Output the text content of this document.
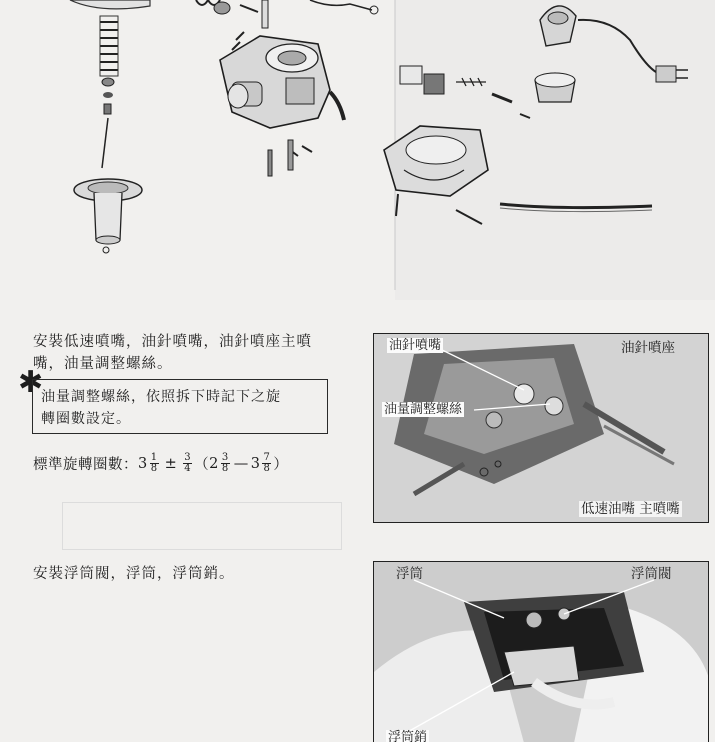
安裝低速噴嘴，油針噴嘴，油針噴座主噴
嘴，油量調整螺絲。
✱
油量調整螺絲，依照拆下時記下之旋
轉圈數設定。
標準旋轉圈數： $3 \frac{1}{8} \pm \frac{3}{4}$ （ $2 \frac{3}{8}$ — $3 \frac{7}{8}$ ）
油針噴嘴	油針噴座
油量調整螺絲
低速油嘴 主噴嘴
安裝浮筒閥，浮筒，浮筒銷。	浮筒	浮筒閥
浮筒銷
